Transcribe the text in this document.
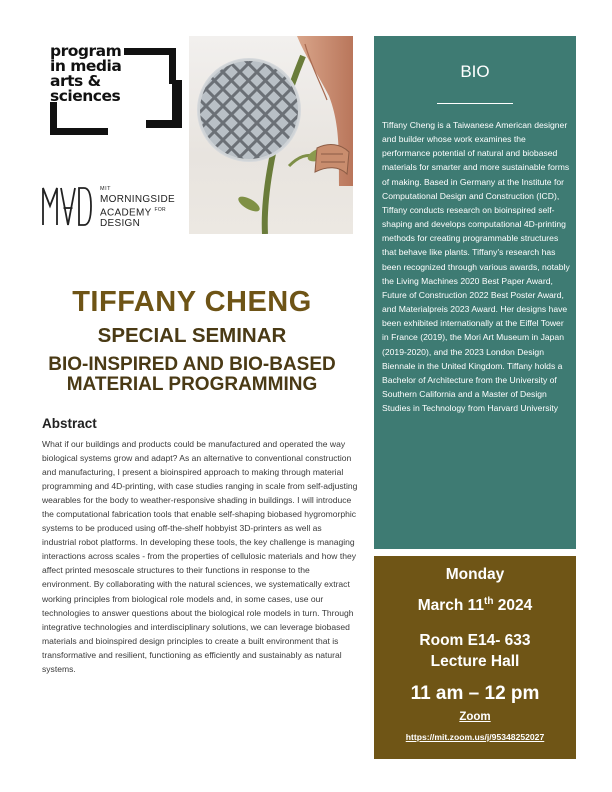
program
in media
arts &
sciences
MIT
MORNINGSIDE
ACADEMY $^{FOR}$
DESIGN
TIFFANY CHENG
SPECIAL SEMINAR
BIO-INSPIRED AND BIO-BASED
MATERIAL PROGRAMMING
Abstract
What if our buildings and products could be manufactured and operated the way biological systems grow and adapt? As an alternative to conventional construction and manufacturing, I present a bioinspired approach to making through material programming and 4D-printing, with case studies ranging in scale from self-adjusting wearables for the body to weather-responsive shading in buildings. I will introduce the computational fabrication tools that enable self-shaping biobased hygromorphic systems to be produced using off-the-shelf hobbyist 3D-printers as well as industrial robot platforms. In developing these tools, the key challenge is managing interactions across scales - from the properties of cellulosic materials and how they affect printed mesoscale structures to their functions in response to the environment. By collaborating with the natural sciences, we systematically extract working principles from biological role models and, in some cases, use our technologies to answer questions about the biological role models in turn. Through integrative technologies and interdisciplinary solutions, we can leverage biobased materials and bioinspired design principles to create a built environment that is transformative and resilient, functioning as efficiently and sustainably as natural systems.
BIO
Tiffany Cheng is a Taiwanese American designer and builder whose work examines the performance potential of natural and biobased materials for smarter and more sustainable forms of making. Based in Germany at the Institute for Computational Design and Construction (ICD), Tiffany conducts research on bioinspired self-shaping and develops computational 4D-printing methods for creating programmable structures that behave like plants. Tiffany's research has been recognized through various awards, notably the Living Machines 2020 Best Paper Award, Future of Construction 2022 Best Poster Award, and Materialpreis 2023 Award. Her designs have been exhibited internationally at the Eiffel Tower in France (2019), the Mori Art Museum in Japan (2019-2020), and the 2023 London Design Biennale in the United Kingdom. Tiffany holds a Bachelor of Architecture from the University of Southern California and a Master of Design Studies in Technology from Harvard University
Monday
March 11th 2024
Room E14- 633
Lecture Hall
11 am – 12 pm
Zoom
https://mit.zoom.us/j/95348252027
